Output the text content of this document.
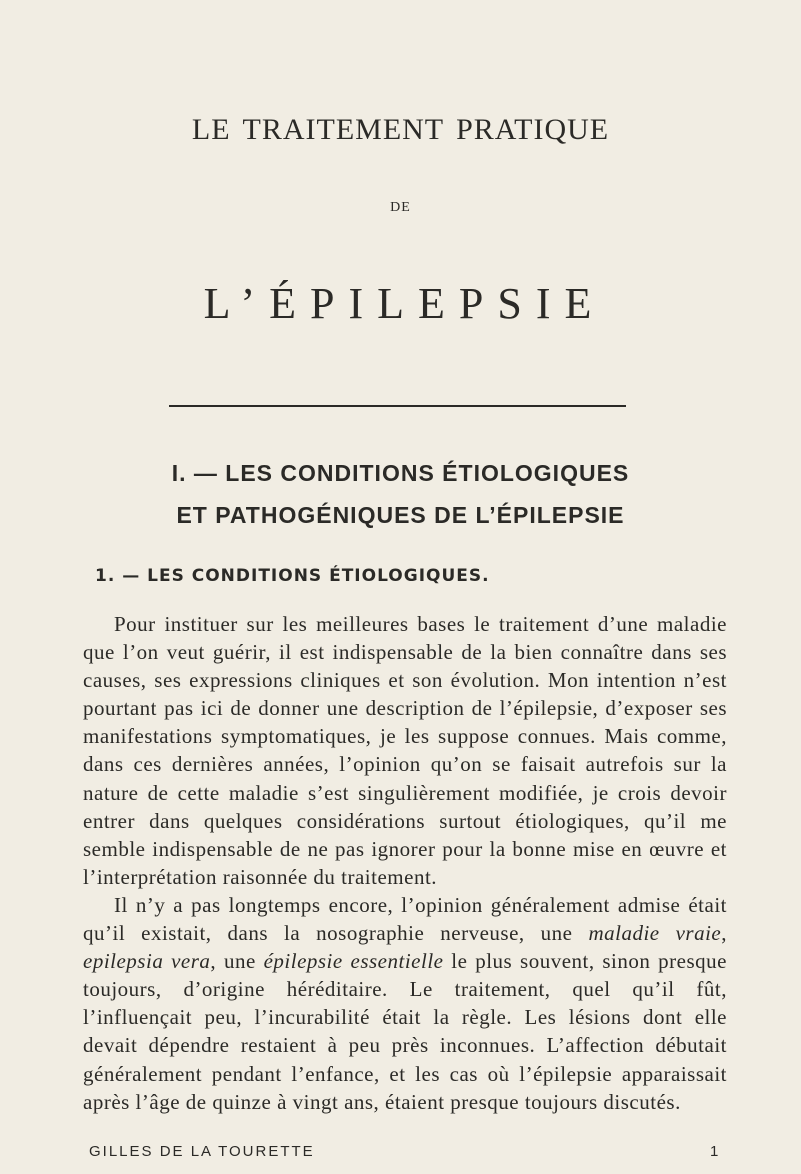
LE TRAITEMENT PRATIQUE
DE
L’ÉPILEPSIE
I. — LES CONDITIONS ÉTIOLOGIQUES
ET PATHOGÉNIQUES DE L’ÉPILEPSIE
1. — LES CONDITIONS ÉTIOLOGIQUES.

Pour instituer sur les meilleures bases le traitement d’une maladie que l’on veut guérir, il est indispensable de la bien connaître dans ses causes, ses expressions cliniques et son évolution. Mon intention n’est pourtant pas ici de donner une description de l’épilepsie, d’exposer ses manifestations symptomatiques, je les suppose connues. Mais comme, dans ces dernières années, l’opinion qu’on se faisait autrefois sur la nature de cette maladie s’est singulièrement modifiée, je crois devoir entrer dans quelques considérations surtout étiologiques, qu’il me semble indispensable de ne pas ignorer pour la bonne mise en œuvre et l’interprétation raisonnée du traitement.

Il n’y a pas longtemps encore, l’opinion généralement admise était qu’il existait, dans la nosographie nerveuse, une maladie vraie, epilepsia vera, une épilepsie essentielle le plus souvent, sinon presque toujours, d’origine héréditaire. Le traitement, quel qu’il fût, l’influençait peu, l’incurabilité était la règle. Les lésions dont elle devait dépendre restaient à peu près inconnues. L’affection débutait généralement pendant l’enfance, et les cas où l’épilepsie apparaissait après l’âge de quinze à vingt ans, étaient presque toujours discutés.

GILLES DE LA TOURETTE	1
